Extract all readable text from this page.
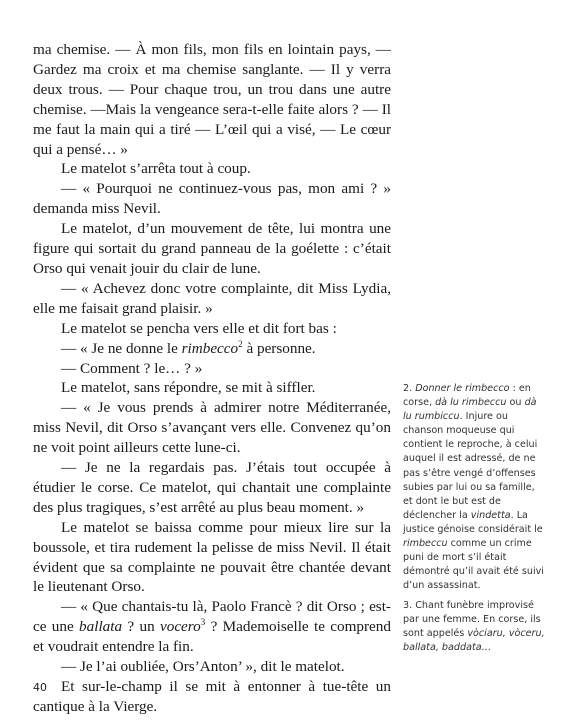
ma chemise. — À mon fils, mon fils en lointain pays, — Gardez ma croix et ma chemise sanglante. — Il y verra deux trous. — Pour chaque trou, un trou dans une autre chemise. —Mais la vengeance sera-t-elle faite alors ? — Il me faut la main qui a tiré — L’œil qui a visé, — Le cœur qui a pensé… »

Le matelot s’arrêta tout à coup.

— « Pourquoi ne continuez-vous pas, mon ami ? » demanda miss Nevil.

Le matelot, d’un mouvement de tête, lui montra une figure qui sortait du grand panneau de la goélette : c’était Orso qui venait jouir du clair de lune.

— « Achevez donc votre complainte, dit Miss Lydia, elle me faisait grand plaisir. »

Le matelot se pencha vers elle et dit fort bas :

— « Je ne donne le rimbecco$^2$ à personne.

— Comment ? le… ? »

Le matelot, sans répondre, se mit à siffler.

— « Je vous prends à admirer notre Méditerranée, miss Nevil, dit Orso s’avançant vers elle. Convenez qu’on ne voit point ailleurs cette lune-ci.

— Je ne la regardais pas. J’étais tout occupée à étudier le corse. Ce matelot, qui chantait une complainte des plus tragiques, s’est arrêté au plus beau moment. »

Le matelot se baissa comme pour mieux lire sur la boussole, et tira rudement la pelisse de miss Nevil. Il était évident que sa complainte ne pouvait être chantée devant le lieutenant Orso.

— « Que chantais-tu là, Paolo Francè ? dit Orso ; est-ce une ballata ? un vocero$^3$ ? Mademoiselle te comprend et voudrait entendre la fin.

— Je l’ai oubliée, Ors’Anton’ », dit le matelot.

Et sur-le-champ il se mit à entonner à tue-tête un cantique à la Vierge.

2. Donner le rimbecco : en corse, dà lu rimbeccu ou dà lu rumbiccu. Injure ou chanson moqueuse qui contient le reproche, à celui auquel il est adressé, de ne pas s’être vengé d’offenses subies par lui ou sa famille, et dont le but est de déclencher la vindetta. La justice génoise considérait le rimbeccu comme un crime puni de mort s’il était démontré qu’il avait été suivi d’un assassinat.

3. Chant funèbre improvisé par une femme. En corse, ils sont appelés vòciaru, vòceru, ballata, baddata…

40
